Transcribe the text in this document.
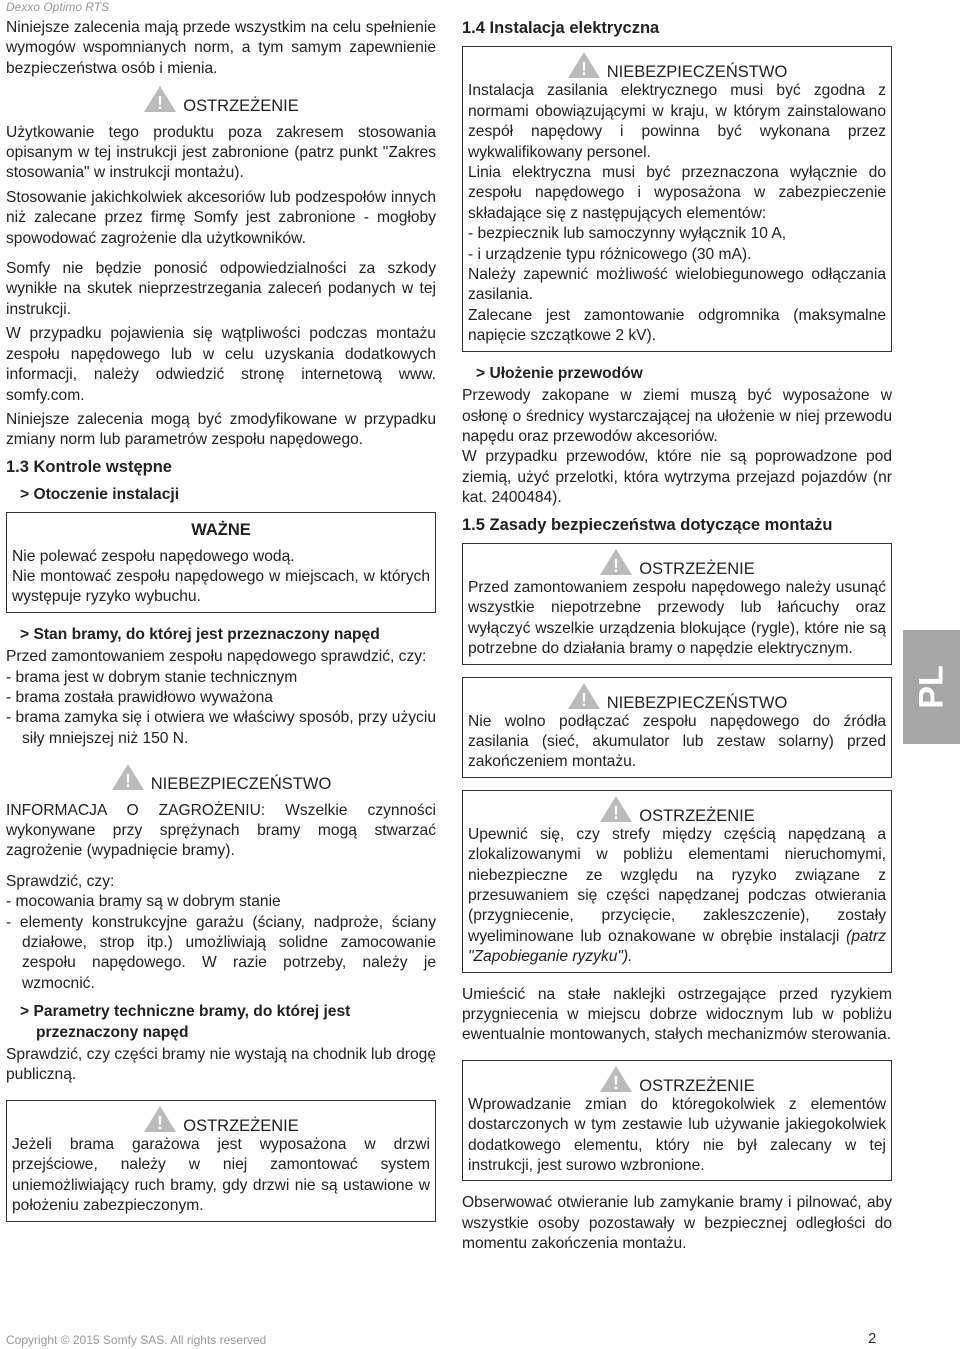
Dexxo Optimo RTS

Niniejsze zalecenia mają przede wszystkim na celu spełnienie wymogów wspomnianych norm, a tym samym zapewnienie bezpieczeństwa osób i mienia.

! OSTRZEŻENIE

Użytkowanie tego produktu poza zakresem stosowania opisanym w tej instrukcji jest zabronione (patrz punkt "Zakres stosowania" w instrukcji montażu).

Stosowanie jakichkolwiek akcesoriów lub podzespołów innych niż zalecane przez firmę Somfy jest zabronione - mogłoby spowodować zagrożenie dla użytkowników.

Somfy nie będzie ponosić odpowiedzialności za szkody wynikłe na skutek nieprzestrzegania zaleceń podanych w tej instrukcji.

W przypadku pojawienia się wątpliwości podczas montażu zespołu napędowego lub w celu uzyskania dodatkowych informacji, należy odwiedzić stronę internetową www. somfy.com.

Niniejsze zalecenia mogą być zmodyfikowane w przypadku zmiany norm lub parametrów zespołu napędowego.

1.3 Kontrole wstępne
> Otoczenie instalacji
WAŻNE

Nie polewać zespołu napędowego wodą.

Nie montować zespołu napędowego w miejscach, w których występuje ryzyko wybuchu.

> Stan bramy, do której jest przeznaczony napęd

Przed zamontowaniem zespołu napędowego sprawdzić, czy:

- brama jest w dobrym stanie technicznym

- brama została prawidłowo wyważona

- brama zamyka się i otwiera we właściwy sposób, przy użyciu siły mniejszej niż 150 N.

! NIEBEZPIECZEŃSTWO

INFORMACJA O ZAGROŻENIU: Wszelkie czynności wykonywane przy sprężynach bramy mogą stwarzać zagrożenie (wypadnięcie bramy).

Sprawdzić, czy:

- mocowania bramy są w dobrym stanie

- elementy konstrukcyjne garażu (ściany, nadproże, ściany działowe, strop itp.) umożliwiają solidne zamocowanie zespołu napędowego. W razie potrzeby, należy je wzmocnić.

> Parametry techniczne bramy, do której jest przeznaczony napęd

Sprawdzić, czy części bramy nie wystają na chodnik lub drogę publiczną.

! OSTRZEŻENIE

Jeżeli brama garażowa jest wyposażona w drzwi przejściowe, należy w niej zamontować system uniemożliwiający ruch bramy, gdy drzwi nie są ustawione w położeniu zabezpieczonym.

1.4 Instalacja elektryczna
! NIEBEZPIECZEŃSTWO

Instalacja zasilania elektrycznego musi być zgodna z normami obowiązującymi w kraju, w którym zainstalowano zespół napędowy i powinna być wykonana przez wykwalifikowany personel.

Linia elektryczna musi być przeznaczona wyłącznie do zespołu napędowego i wyposażona w zabezpieczenie składające się z następujących elementów:

- bezpiecznik lub samoczynny wyłącznik 10 A,

- i urządzenie typu różnicowego (30 mA).

Należy zapewnić możliwość wielobiegunowego odłączania zasilania.

Zalecane jest zamontowanie odgromnika (maksymalne napięcie szczątkowe 2 kV).

> Ułożenie przewodów

Przewody zakopane w ziemi muszą być wyposażone w osłonę o średnicy wystarczającej na ułożenie w niej przewodu napędu oraz przewodów akcesoriów.

W przypadku przewodów, które nie są poprowadzone pod ziemią, użyć przelotki, która wytrzyma przejazd pojazdów (nr kat. 2400484).

1.5 Zasady bezpieczeństwa dotyczące montażu
! OSTRZEŻENIE

Przed zamontowaniem zespołu napędowego należy usunąć wszystkie niepotrzebne przewody lub łańcuchy oraz wyłączyć wszelkie urządzenia blokujące (rygle), które nie są potrzebne do działania bramy o napędzie elektrycznym.

! NIEBEZPIECZEŃSTWO

Nie wolno podłączać zespołu napędowego do źródła zasilania (sieć, akumulator lub zestaw solarny) przed zakończeniem montażu.

! OSTRZEŻENIE

Upewnić się, czy strefy między częścią napędzaną a zlokalizowanymi w pobliżu elementami nieruchomymi, niebezpieczne ze względu na ryzyko związane z przesuwaniem się części napędzanej podczas otwierania (przygniecenie, przycięcie, zakleszczenie), zostały wyeliminowane lub oznakowane w obrębie instalacji (patrz "Zapobieganie ryzyku").

Umieścić na stałe naklejki ostrzegające przed ryzykiem przygniecenia w miejscu dobrze widocznym lub w pobliżu ewentualnie montowanych, stałych mechanizmów sterowania.

! OSTRZEŻENIE

Wprowadzanie zmian do któregokolwiek z elementów dostarczonych w tym zestawie lub używanie jakiegokolwiek dodatkowego elementu, który nie był zalecany w tej instrukcji, jest surowo wzbronione.

Obserwować otwieranie lub zamykanie bramy i pilnować, aby wszystkie osoby pozostawały w bezpiecznej odległości do momentu zakończenia montażu.

PL
Copyright © 2015 Somfy SAS. All rights reserved	2
